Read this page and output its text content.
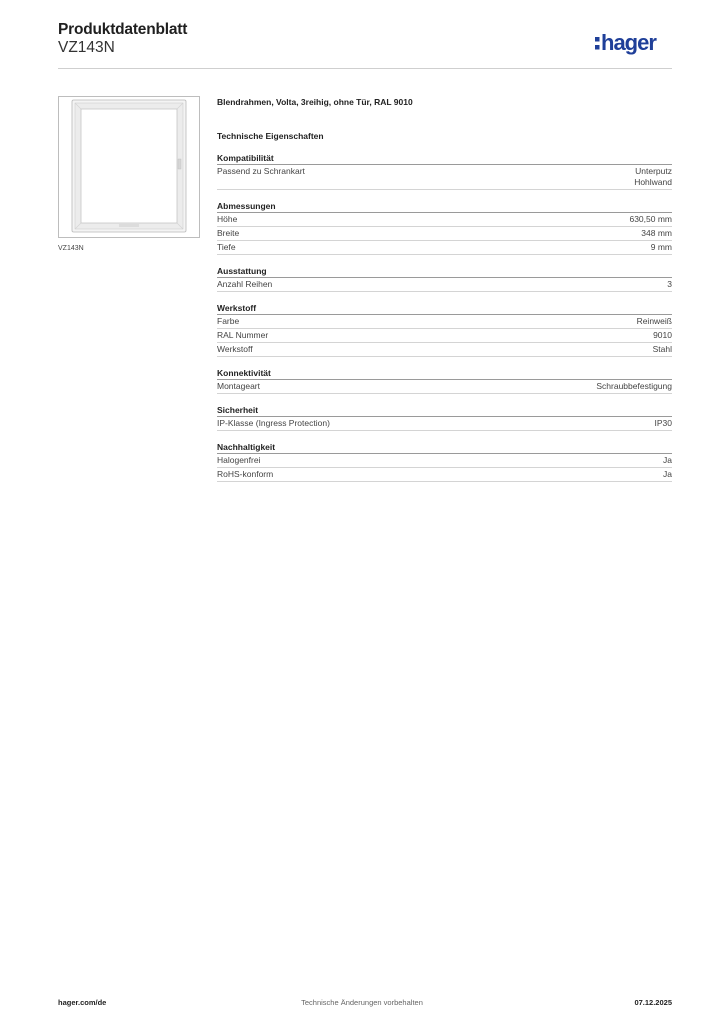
Produktdatenblatt
VZ143N	hager
VZ143N
Blendrahmen, Volta, 3reihig, ohne Tür, RAL 9010
Technische Eigenschaften
Kompatibilität
Passend zu Schrankart	Unterputz
Hohlwand
Abmessungen
Höhe	630,50 mm
Breite	348 mm
Tiefe	9 mm
Ausstattung
Anzahl Reihen	3
Werkstoff
Farbe	Reinweiß
RAL Nummer	9010
Werkstoff	Stahl
Konnektivität
Montageart	Schraubbefestigung
Sicherheit
IP-Klasse (Ingress Protection)	IP30
Nachhaltigkeit
Halogenfrei	Ja
RoHS-konform	Ja
hager.com/de	Technische Änderungen vorbehalten	07.12.2025
